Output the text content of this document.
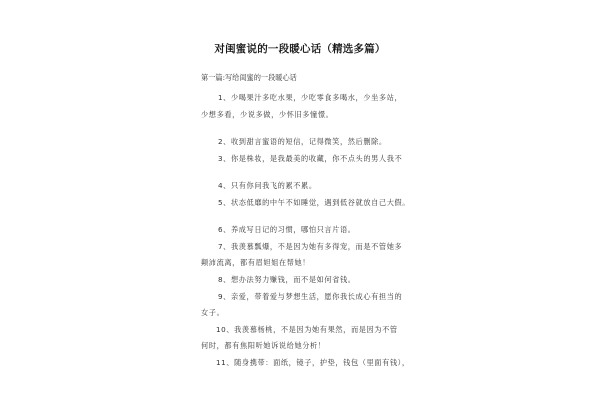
对闺蜜说的一段暖心话（精选多篇）
第一篇:写给闺蜜的一段暖心话
1、少喝果汁多吃水果，少吃零食多喝水，少坐多站，
少想多看，少说多做，少怀旧多憧憬。
2、收到甜言蜜语的短信，记得微笑，然后删除。
3、你是株妆，是我最美的收藏，你不点头的男人我不
4、只有你问我飞的累不累。
5、状态低靡的中午不如睡觉，遇到低谷就放自己大假。
6、养成写日记的习惯，哪怕只言片语。
7、我羡慕瓢爆，不是因为她有多得宠，而是不管她多
颠沛流离，都有眉妲姐在帮她！
8、想办法努力赚钱，而不是如何省钱。
9、亲爱，带着爱与梦想生活，愿你我长成心有担当的
女子。
10、我羡慕杨桃，不是因为她有果然，而是因为不管
何时，都有焦阳听她诉说给她分析！
11、随身携带：面纸，镜子，护垫，钱包（里面有钱），
